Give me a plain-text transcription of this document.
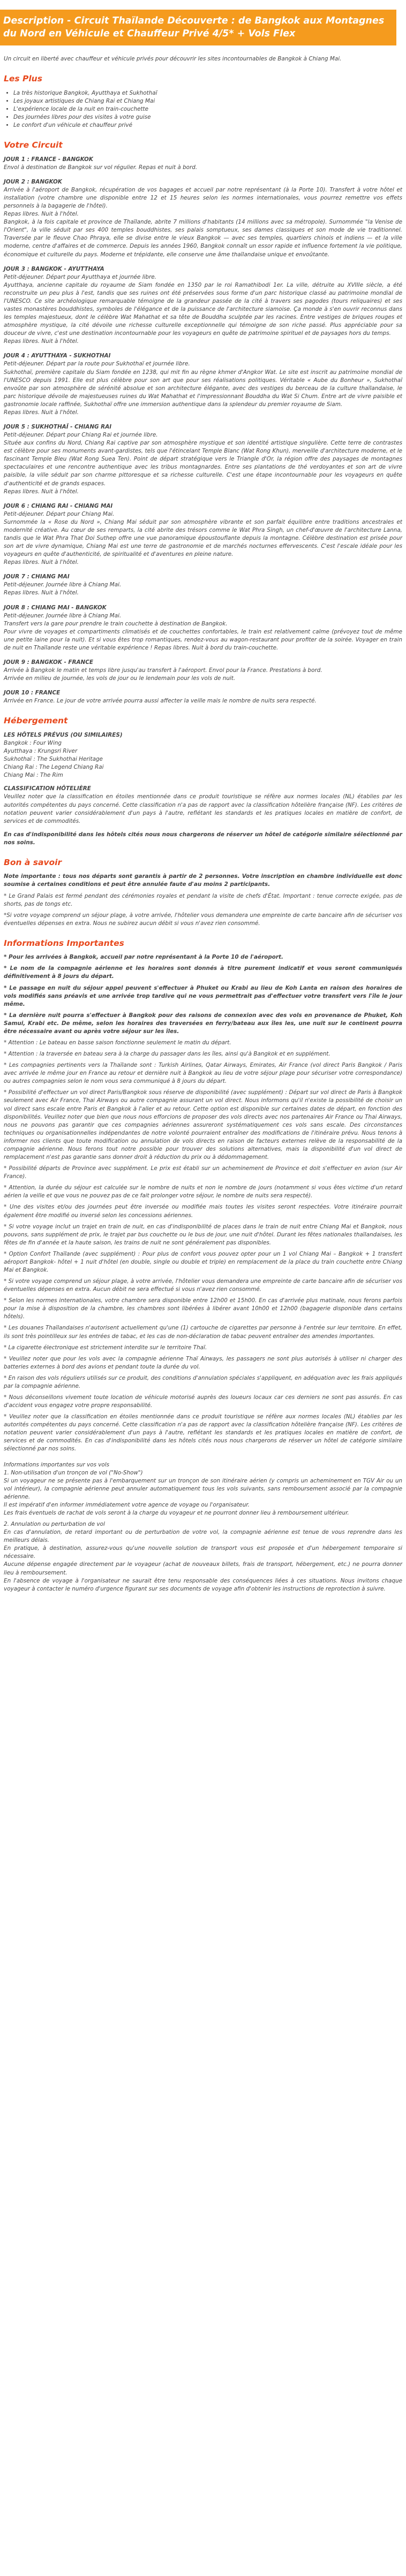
Description - Circuit Thaïlande Découverte : de Bangkok aux Montagnes du Nord en Véhicule et Chauffeur Privé 4/5* + Vols Flex

Un circuit en liberté avec chauffeur et véhicule privés pour découvrir les sites incontournables de Bangkok à Chiang Mai.

Les Plus
• La très historique Bangkok, Ayutthaya et Sukhothaï
• Les joyaux artistiques de Chiang Rai et Chiang Mai
• L'expérience locale de la nuit en train-couchette
• Des journées libres pour des visites à votre guise
• Le confort d'un véhicule et chauffeur privé
Votre Circuit
JOUR 1 : FRANCE - BANGKOK
Envol à destination de Bangkok sur vol régulier. Repas et nuit à bord.
JOUR 2 : BANGKOK
Arrivée à l'aéroport de Bangkok, récupération de vos bagages et accueil par notre représentant (à la Porte 10). Transfert à votre hôtel et installation (votre chambre une disponible entre 12 et 15 heures selon les normes internationales, vous pourrez remettre vos effets personnels à la bagagerie de l'hôtel).
Repas libres. Nuit à l'hôtel.
Bangkok, à la fois capitale et province de Thaïlande, abrite 7 millions d'habitants (14 millions avec sa métropole). Surnommée "la Venise de l'Orient", la ville séduit par ses 400 temples bouddhistes, ses palais somptueux, ses dames classiques et son mode de vie traditionnel. Traversée par le fleuve Chao Phraya, elle se divise entre le vieux Bangkok — avec ses temples, quartiers chinois et indiens — et la ville moderne, centre d'affaires et de commerce. Depuis les années 1960, Bangkok connaît un essor rapide et influence fortement la vie politique, économique et culturelle du pays. Moderne et trépidante, elle conserve une âme thaïlandaise unique et envoûtante.
JOUR 3 : BANGKOK - AYUTTHAYA
Petit-déjeuner. Départ pour Ayutthaya et journée libre.
Ayutthaya, ancienne capitale du royaume de Siam fondée en 1350 par le roi Ramathibodi 1er. La ville, détruite au XVIIIe siècle, a été reconstruite un peu plus à l'est, tandis que ses ruines ont été préservées sous forme d'un parc historique classé au patrimoine mondial de l'UNESCO. Ce site archéologique remarquable témoigne de la grandeur passée de la cité à travers ses pagodes (tours reliquaires) et ses vastes monastères bouddhistes, symboles de l'élégance et de la puissance de l'architecture siamoise. Ça monde à s'en ouvrir reconnus dans les temples majestueux, dont le célèbre Wat Mahathat et sa tête de Bouddha sculptée par les racines. Entre vestiges de briques rouges et atmosphère mystique, la cité dévoile une richesse culturelle exceptionnelle qui témoigne de son riche passé. Plus appréciable pour sa douceur de vivre, c'est une destination incontournable pour les voyageurs en quête de patrimoine spirituel et de paysages hors du temps.
Repas libres. Nuit à l'hôtel.
JOUR 4 : AYUTTHAYA - SUKHOTHAI
Petit-déjeuner. Départ par la route pour Sukhothaï et journée libre.
Sukhothaï, première capitale du Siam fondée en 1238, qui mit fin au règne khmer d'Angkor Wat. Le site est inscrit au patrimoine mondial de l'UNESCO depuis 1991. Elle est plus célèbre pour son art que pour ses réalisations politiques. Véritable « Aube du Bonheur », Sukhothaï envoûte par son atmosphère de sérénité absolue et son architecture élégante, avec des vestiges du berceau de la culture thaïlandaise, le parc historique dévoile de majestueuses ruines du Wat Mahathat et l'impressionnant Bouddha du Wat Si Chum. Entre art de vivre paisible et gastronomie locale raffinée, Sukhothaï offre une immersion authentique dans la splendeur du premier royaume de Siam.
Repas libres. Nuit à l'hôtel.
JOUR 5 : SUKHOTHAÏ - CHIANG RAI
Petit-déjeuner. Départ pour Chiang Rai et journée libre.
Située aux confins du Nord, Chiang Rai captive par son atmosphère mystique et son identité artistique singulière. Cette terre de contrastes est célèbre pour ses monuments avant-gardistes, tels que l'étincelant Temple Blanc (Wat Rong Khun), merveille d'architecture moderne, et le fascinant Temple Bleu (Wat Rong Suea Ten). Point de départ stratégique vers le Triangle d'Or, la région offre des paysages de montagnes spectaculaires et une rencontre authentique avec les tribus montagnardes. Entre ses plantations de thé verdoyantes et son art de vivre paisible, la ville séduit par son charme pittoresque et sa richesse culturelle. C'est une étape incontournable pour les voyageurs en quête d'authenticité et de grands espaces.
Repas libres. Nuit à l'hôtel.
JOUR 6 : CHIANG RAI - CHIANG MAI
Petit-déjeuner. Départ pour Chiang Mai.
Surnommée la « Rose du Nord », Chiang Mai séduit par son atmosphère vibrante et son parfait équilibre entre traditions ancestrales et modernité créative. Au cœur de ses remparts, la cité abrite des trésors comme le Wat Phra Singh, un chef-d'œuvre de l'architecture Lanna, tandis que le Wat Phra That Doi Suthep offre une vue panoramique époustouflante depuis la montagne. Célèbre destination est prisée pour son art de vivre dynamique, Chiang Mai est une terre de gastronomie et de marchés nocturnes effervescents. C'est l'escale idéale pour les voyageurs en quête d'authenticité, de spiritualité et d'aventures en pleine nature.
Repas libres. Nuit à l'hôtel.
JOUR 7 : CHIANG MAI
Petit-déjeuner. Journée libre à Chiang Mai.
Repas libres. Nuit à l'hôtel.
JOUR 8 : CHIANG MAI - BANGKOK
Petit-déjeuner. Journée libre à Chiang Mai.
Transfert vers la gare pour prendre le train couchette à destination de Bangkok.
Pour vivre de voyages et compartiments climatisés et de couchettes confortables, le train est relativement calme (prévoyez tout de même une petite laine pour la nuit). Et si vous êtes trop romantiques, rendez-vous au wagon-restaurant pour profiter de la soirée. Voyager en train de nuit en Thaïlande reste une véritable expérience ! Repas libres. Nuit à bord du train-couchette.
JOUR 9 : BANGKOK - FRANCE
Arrivée à Bangkok le matin et temps libre jusqu'au transfert à l'aéroport. Envol pour la France. Prestations à bord.
Arrivée en milieu de journée, les vols de jour ou le lendemain pour les vols de nuit.
JOUR 10 : FRANCE
Arrivée en France. Le jour de votre arrivée pourra aussi affecter la veille mais le nombre de nuits sera respecté.
Hébergement
LES HÔTELS PRÉVUS (OU SIMILAIRES)
Bangkok : Four Wing
Ayutthaya : Krungsri River
Sukhothaï : The Sukhothai Heritage
Chiang Rai : The Legend Chiang Rai
Chiang Mai : The Rim
CLASSIFICATION HÔTELIÈRE
Veuillez noter que la classification en étoiles mentionnée dans ce produit touristique se réfère aux normes locales (NL) établies par les autorités compétentes du pays concerné. Cette classification n'a pas de rapport avec la classification hôtelière française (NF). Les critères de notation peuvent varier considérablement d'un pays à l'autre, reflétant les standards et les pratiques locales en matière de confort, de services et de commodités.

En cas d'indisponibilité dans les hôtels cités nous nous chargerons de réserver un hôtel de catégorie similaire sélectionné par nos soins.

Bon à savoir

Note importante : tous nos départs sont garantis à partir de 2 personnes. Votre inscription en chambre individuelle est donc soumise à certaines conditions et peut être annulée faute d'au moins 2 participants.

* Le Grand Palais est fermé pendant des cérémonies royales et pendant la visite de chefs d'État. Important : tenue correcte exigée, pas de shorts, pas de tongs etc.

*Si votre voyage comprend un séjour plage, à votre arrivée, l'hôtelier vous demandera une empreinte de carte bancaire afin de sécuriser vos éventuelles dépenses en extra. Nous ne subirez aucun débit si vous n'avez rien consommé.

Informations Importantes

* Pour les arrivées à Bangkok, accueil par notre représentant à la Porte 10 de l'aéroport.

* Le nom de la compagnie aérienne et les horaires sont donnés à titre purement indicatif et vous seront communiqués définitivement à 8 jours du départ.

* Le passage en nuit du séjour appel peuvent s'effectuer à Phuket ou Krabi au lieu de Koh Lanta en raison des horaires de vols modifiés sans préavis et une arrivée trop tardive qui ne vous permettrait pas d'effectuer votre transfert vers l'île le jour même.

* La dernière nuit pourra s'effectuer à Bangkok pour des raisons de connexion avec des vols en provenance de Phuket, Koh Samui, Krabi etc. De même, selon les horaires des traversées en ferry/bateau aux îles les, une nuit sur le continent pourra être nécessaire avant ou après votre séjour sur les îles.

* Attention : Le bateau en basse saison fonctionne seulement le matin du départ.

* Attention : la traversée en bateau sera à la charge du passager dans les îles, ainsi qu'à Bangkok et en supplément.

* Les compagnies pertinents vers la Thaïlande sont : Turkish Airlines, Qatar Airways, Emirates, Air France (vol direct Paris Bangkok / Paris avec arrivée le même jour en France au retour et dernière nuit à Bangkok au lieu de votre séjour plage pour sécuriser votre correspondance) ou autres compagnies selon le nom vous sera communiqué à 8 jours du départ.

* Possibilité d'effectuer un vol direct Paris/Bangkok sous réserve de disponibilité (avec supplément) : Départ sur vol direct de Paris à Bangkok seulement avec Air France, Thai Airways ou autre compagnie assurant un vol direct. Nous informons qu'il n'existe la possibilité de choisir un vol direct sans escale entre Paris et Bangkok à l'aller et au retour. Cette option est disponible sur certaines dates de départ, en fonction des disponibilités. Veuillez noter que bien que nous nous efforcions de proposer des vols directs avec nos partenaires Air France ou Thai Airways, nous ne pouvons pas garantir que ces compagnies aériennes assureront systématiquement ces vols sans escale. Des circonstances techniques ou organisationnelles indépendantes de notre volonté pourraient entraîner des modifications de l'itinéraire prévu. Nous tenons à informer nos clients que toute modification ou annulation de vols directs en raison de facteurs externes relève de la responsabilité de la compagnie aérienne. Nous ferons tout notre possible pour trouver des solutions alternatives, mais la disponibilité d'un vol direct de remplacement n'est pas garantie sans donner droit à réduction du prix ou à dédommagement.

* Possibilité départs de Province avec supplément. Le prix est établi sur un acheminement de Province et doit s'effectuer en avion (sur Air France).

* Attention, la durée du séjour est calculée sur le nombre de nuits et non le nombre de jours (notamment si vous êtes victime d'un retard aérien la veille et que vous ne pouvez pas de ce fait prolonger votre séjour, le nombre de nuits sera respecté).

* Une des visites et/ou des journées peut être inversée ou modifiée mais toutes les visites seront respectées. Votre itinéraire pourrait également être modifié ou inversé selon les concessions aériennes.

* Si votre voyage inclut un trajet en train de nuit, en cas d'indisponibilité de places dans le train de nuit entre Chiang Mai et Bangkok, nous pouvons, sans supplément de prix, le trajet par bus couchette ou le bus de jour, une nuit d'hôtel. Durant les fêtes nationales thaïlandaises, les fêtes de fin d'année et la haute saison, les trains de nuit ne sont généralement pas disponibles.

* Option Confort Thaïlande (avec supplément) : Pour plus de confort vous pouvez opter pour un 1 vol Chiang Mai – Bangkok + 1 transfert aéroport Bangkok- hôtel + 1 nuit d'hôtel (en double, single ou double et triple) en remplacement de la place du train couchette entre Chiang Mai et Bangkok.

* Si votre voyage comprend un séjour plage, à votre arrivée, l'hôtelier vous demandera une empreinte de carte bancaire afin de sécuriser vos éventuelles dépenses en extra. Aucun débit ne sera effectué si vous n'avez rien consommé.

* Selon les normes internationales, votre chambre sera disponible entre 12h00 et 15h00. En cas d'arrivée plus matinale, nous ferons parfois pour la mise à disposition de la chambre, les chambres sont libérées à libérer avant 10h00 et 12h00 (bagagerie disponible dans certains hôtels).

* Les douanes Thaïlandaises n'autorisent actuellement qu'une (1) cartouche de cigarettes par personne à l'entrée sur leur territoire. En effet, ils sont très pointilleux sur les entrées de tabac, et les cas de non-déclaration de tabac peuvent entraîner des amendes importantes.

* La cigarette électronique est strictement interdite sur le territoire Thaï.

* Veuillez noter que pour les vols avec la compagnie aérienne Thaï Airways, les passagers ne sont plus autorisés à utiliser ni charger des batteries externes à bord des avions et pendant toute la durée du vol.

* En raison des vols réguliers utilisés sur ce produit, des conditions d'annulation spéciales s'appliquent, en adéquation avec les frais appliqués par la compagnie aérienne.

* Nous déconseillons vivement toute location de véhicule motorisé auprès des loueurs locaux car ces derniers ne sont pas assurés. En cas d'accident vous engagez votre propre responsabilité.

* Veuillez noter que la classification en étoiles mentionnée dans ce produit touristique se réfère aux normes locales (NL) établies par les autorités compétentes du pays concerné. Cette classification n'a pas de rapport avec la classification hôtelière française (NF). Les critères de notation peuvent varier considérablement d'un pays à l'autre, reflétant les standards et les pratiques locales en matière de confort, de services et de commodités. En cas d'indisponibilité dans les hôtels cités nous nous chargerons de réserver un hôtel de catégorie similaire sélectionné par nos soins.

Informations importantes sur vos vols
1. Non-utilisation d'un tronçon de vol ("No-Show")
Si un voyageur ne se présente pas à l'embarquement sur un tronçon de son itinéraire aérien (y compris un acheminement en TGV Air ou un vol intérieur), la compagnie aérienne peut annuler automatiquement tous les vols suivants, sans remboursement associé par la compagnie aérienne.
Il est impératif d'en informer immédiatement votre agence de voyage ou l'organisateur.
Les frais éventuels de rachat de vols seront à la charge du voyageur et ne pourront donner lieu à remboursement ultérieur.

2. Annulation ou perturbation de vol
En cas d'annulation, de retard important ou de perturbation de votre vol, la compagnie aérienne est tenue de vous reprendre dans les meilleurs délais.
En pratique, à destination, assurez-vous qu'une nouvelle solution de transport vous est proposée et d'un hébergement temporaire si nécessaire.
Aucune dépense engagée directement par le voyageur (achat de nouveaux billets, frais de transport, hébergement, etc.) ne pourra donner lieu à remboursement.
En l'absence de voyage à l'organisateur ne saurait être tenu responsable des conséquences liées à ces situations. Nous invitons chaque voyageur à contacter le numéro d'urgence figurant sur ses documents de voyage afin d'obtenir les instructions de reprotection à suivre.
